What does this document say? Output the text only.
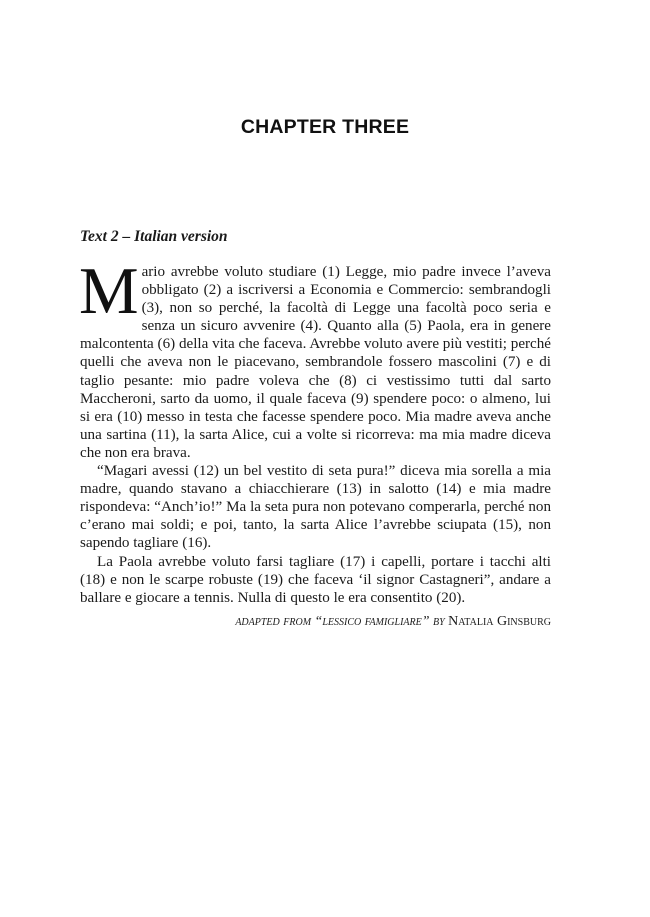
CHAPTER THREE
Text 2 – Italian version

Mario avrebbe voluto studiare (1) Legge, mio padre invece l’aveva obbligato (2) a iscriversi a Economia e Commercio: sembrandogli (3), non so perché, la facoltà di Legge una facoltà poco seria e senza un sicuro avvenire (4). Quanto alla (5) Paola, era in genere malcontenta (6) della vita che faceva. Avrebbe voluto avere più vestiti; perché quelli che aveva non le piacevano, sembrandole fossero mascolini (7) e di taglio pesante: mio padre voleva che (8) ci vestissimo tutti dal sarto Maccheroni, sarto da uomo, il quale faceva (9) spendere poco: o almeno, lui si era (10) messo in testa che facesse spendere poco. Mia madre aveva anche una sartina (11), la sarta Alice, cui a volte si ricorreva: ma mia madre diceva che non era brava.

“Magari avessi (12) un bel vestito di seta pura!” diceva mia sorella a mia madre, quando stavano a chiacchierare (13) in salotto (14) e mia madre rispondeva: “Anch’io!” Ma la seta pura non potevano comperarla, perché non c’erano mai soldi; e poi, tanto, la sarta Alice l’avrebbe sciupata (15), non sapendo tagliare (16).

La Paola avrebbe voluto farsi tagliare (17) i capelli, portare i tacchi alti (18) e non le scarpe robuste (19) che faceva ‘il signor Castagneri”, andare a ballare e giocare a tennis. Nulla di questo le era consentito (20).

adapted from “lessico famigliare” by Natalia Ginsburg
